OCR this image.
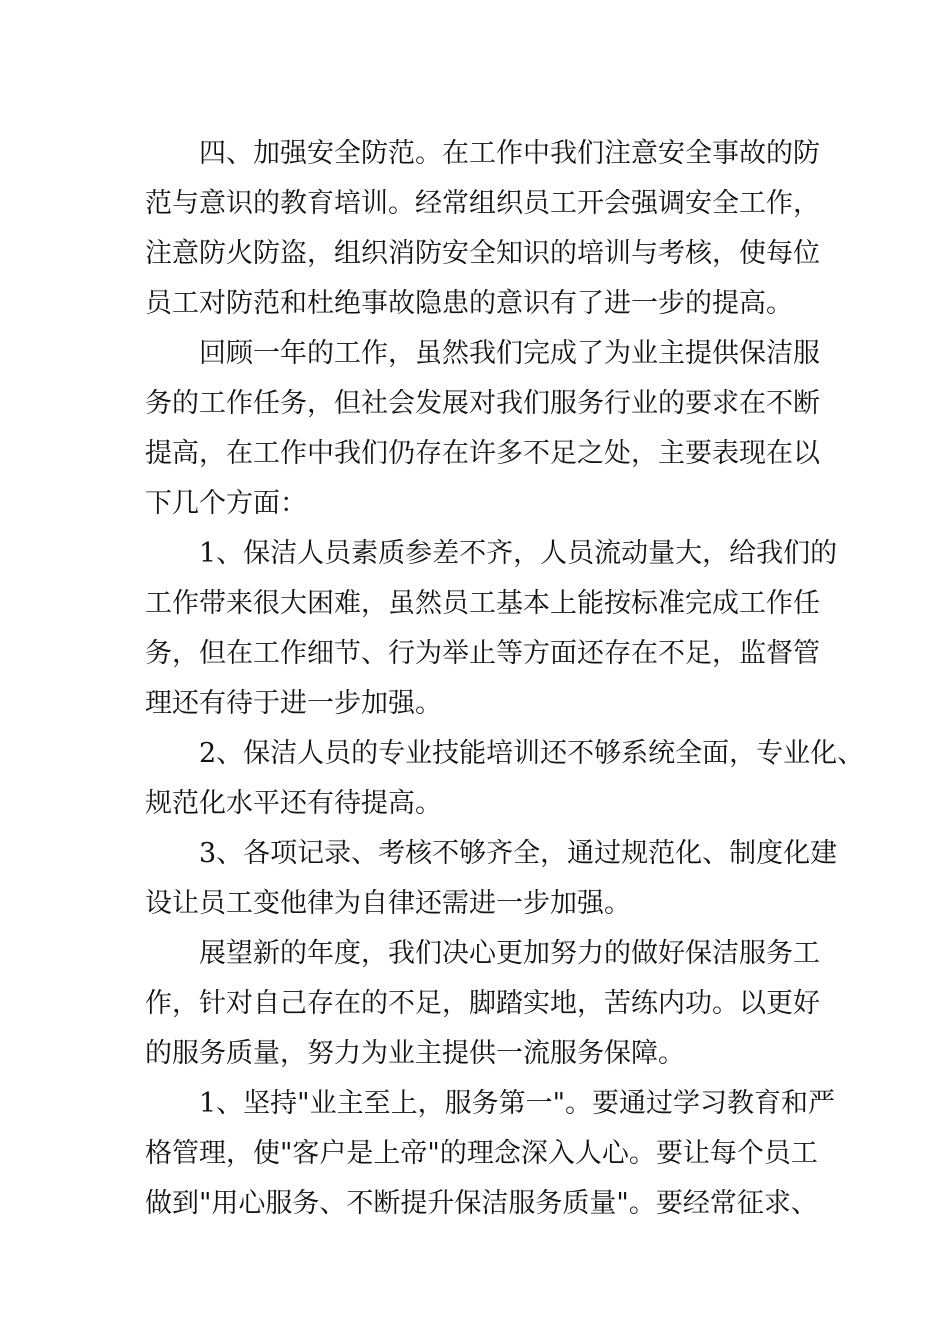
四、加强安全防范。在工作中我们注意安全事故的防

范与意识的教育培训。经常组织员工开会强调安全工作，

注意防火防盗，组织消防安全知识的培训与考核，使每位

员工对防范和杜绝事故隐患的意识有了进一步的提高。

回顾一年的工作，虽然我们完成了为业主提供保洁服

务的工作任务，但社会发展对我们服务行业的要求在不断

提高，在工作中我们仍存在许多不足之处，主要表现在以

下几个方面：

1、保洁人员素质参差不齐，人员流动量大，给我们的

工作带来很大困难，虽然员工基本上能按标准完成工作任

务，但在工作细节、行为举止等方面还存在不足，监督管

理还有待于进一步加强。

2、保洁人员的专业技能培训还不够系统全面，专业化、

规范化水平还有待提高。

3、各项记录、考核不够齐全，通过规范化、制度化建

设让员工变他律为自律还需进一步加强。

展望新的年度，我们决心更加努力的做好保洁服务工

作，针对自己存在的不足，脚踏实地，苦练内功。以更好

的服务质量，努力为业主提供一流服务保障。

1、坚持"业主至上，服务第一"。要通过学习教育和严

格管理，使"客户是上帝"的理念深入人心。要让每个员工

做到"用心服务、不断提升保洁服务质量"。要经常征求、
